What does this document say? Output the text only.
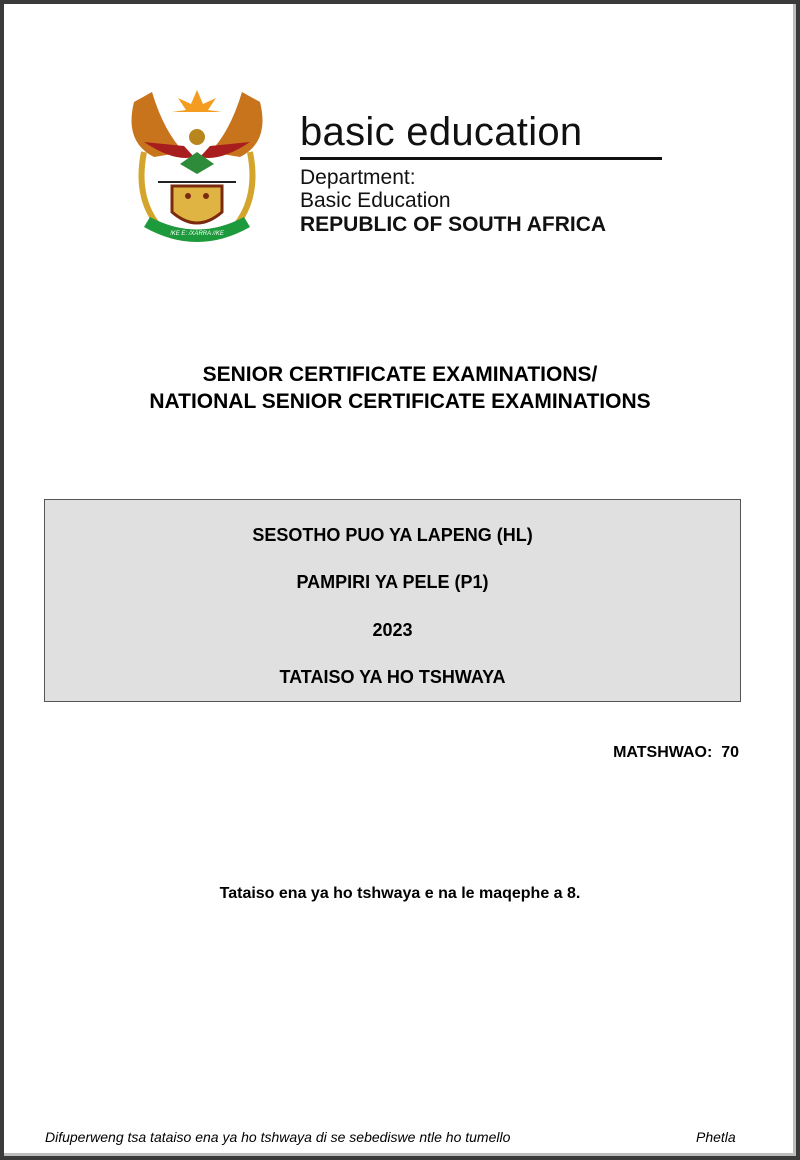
!KE E: /XARRA //KE
basic education
Department:
Basic Education
REPUBLIC OF SOUTH AFRICA
SENIOR CERTIFICATE EXAMINATIONS/
NATIONAL SENIOR CERTIFICATE EXAMINATIONS
SESOTHO PUO YA LAPENG (HL)
PAMPIRI YA PELE (P1)
2023
TATAISO YA HO TSHWAYA
MATSHWAO:  70
Tataiso ena ya ho tshwaya e na le maqephe a 8.
Difuperweng tsa tataiso ena ya ho tshwaya di se sebediswe ntle ho tumello	Phetla
